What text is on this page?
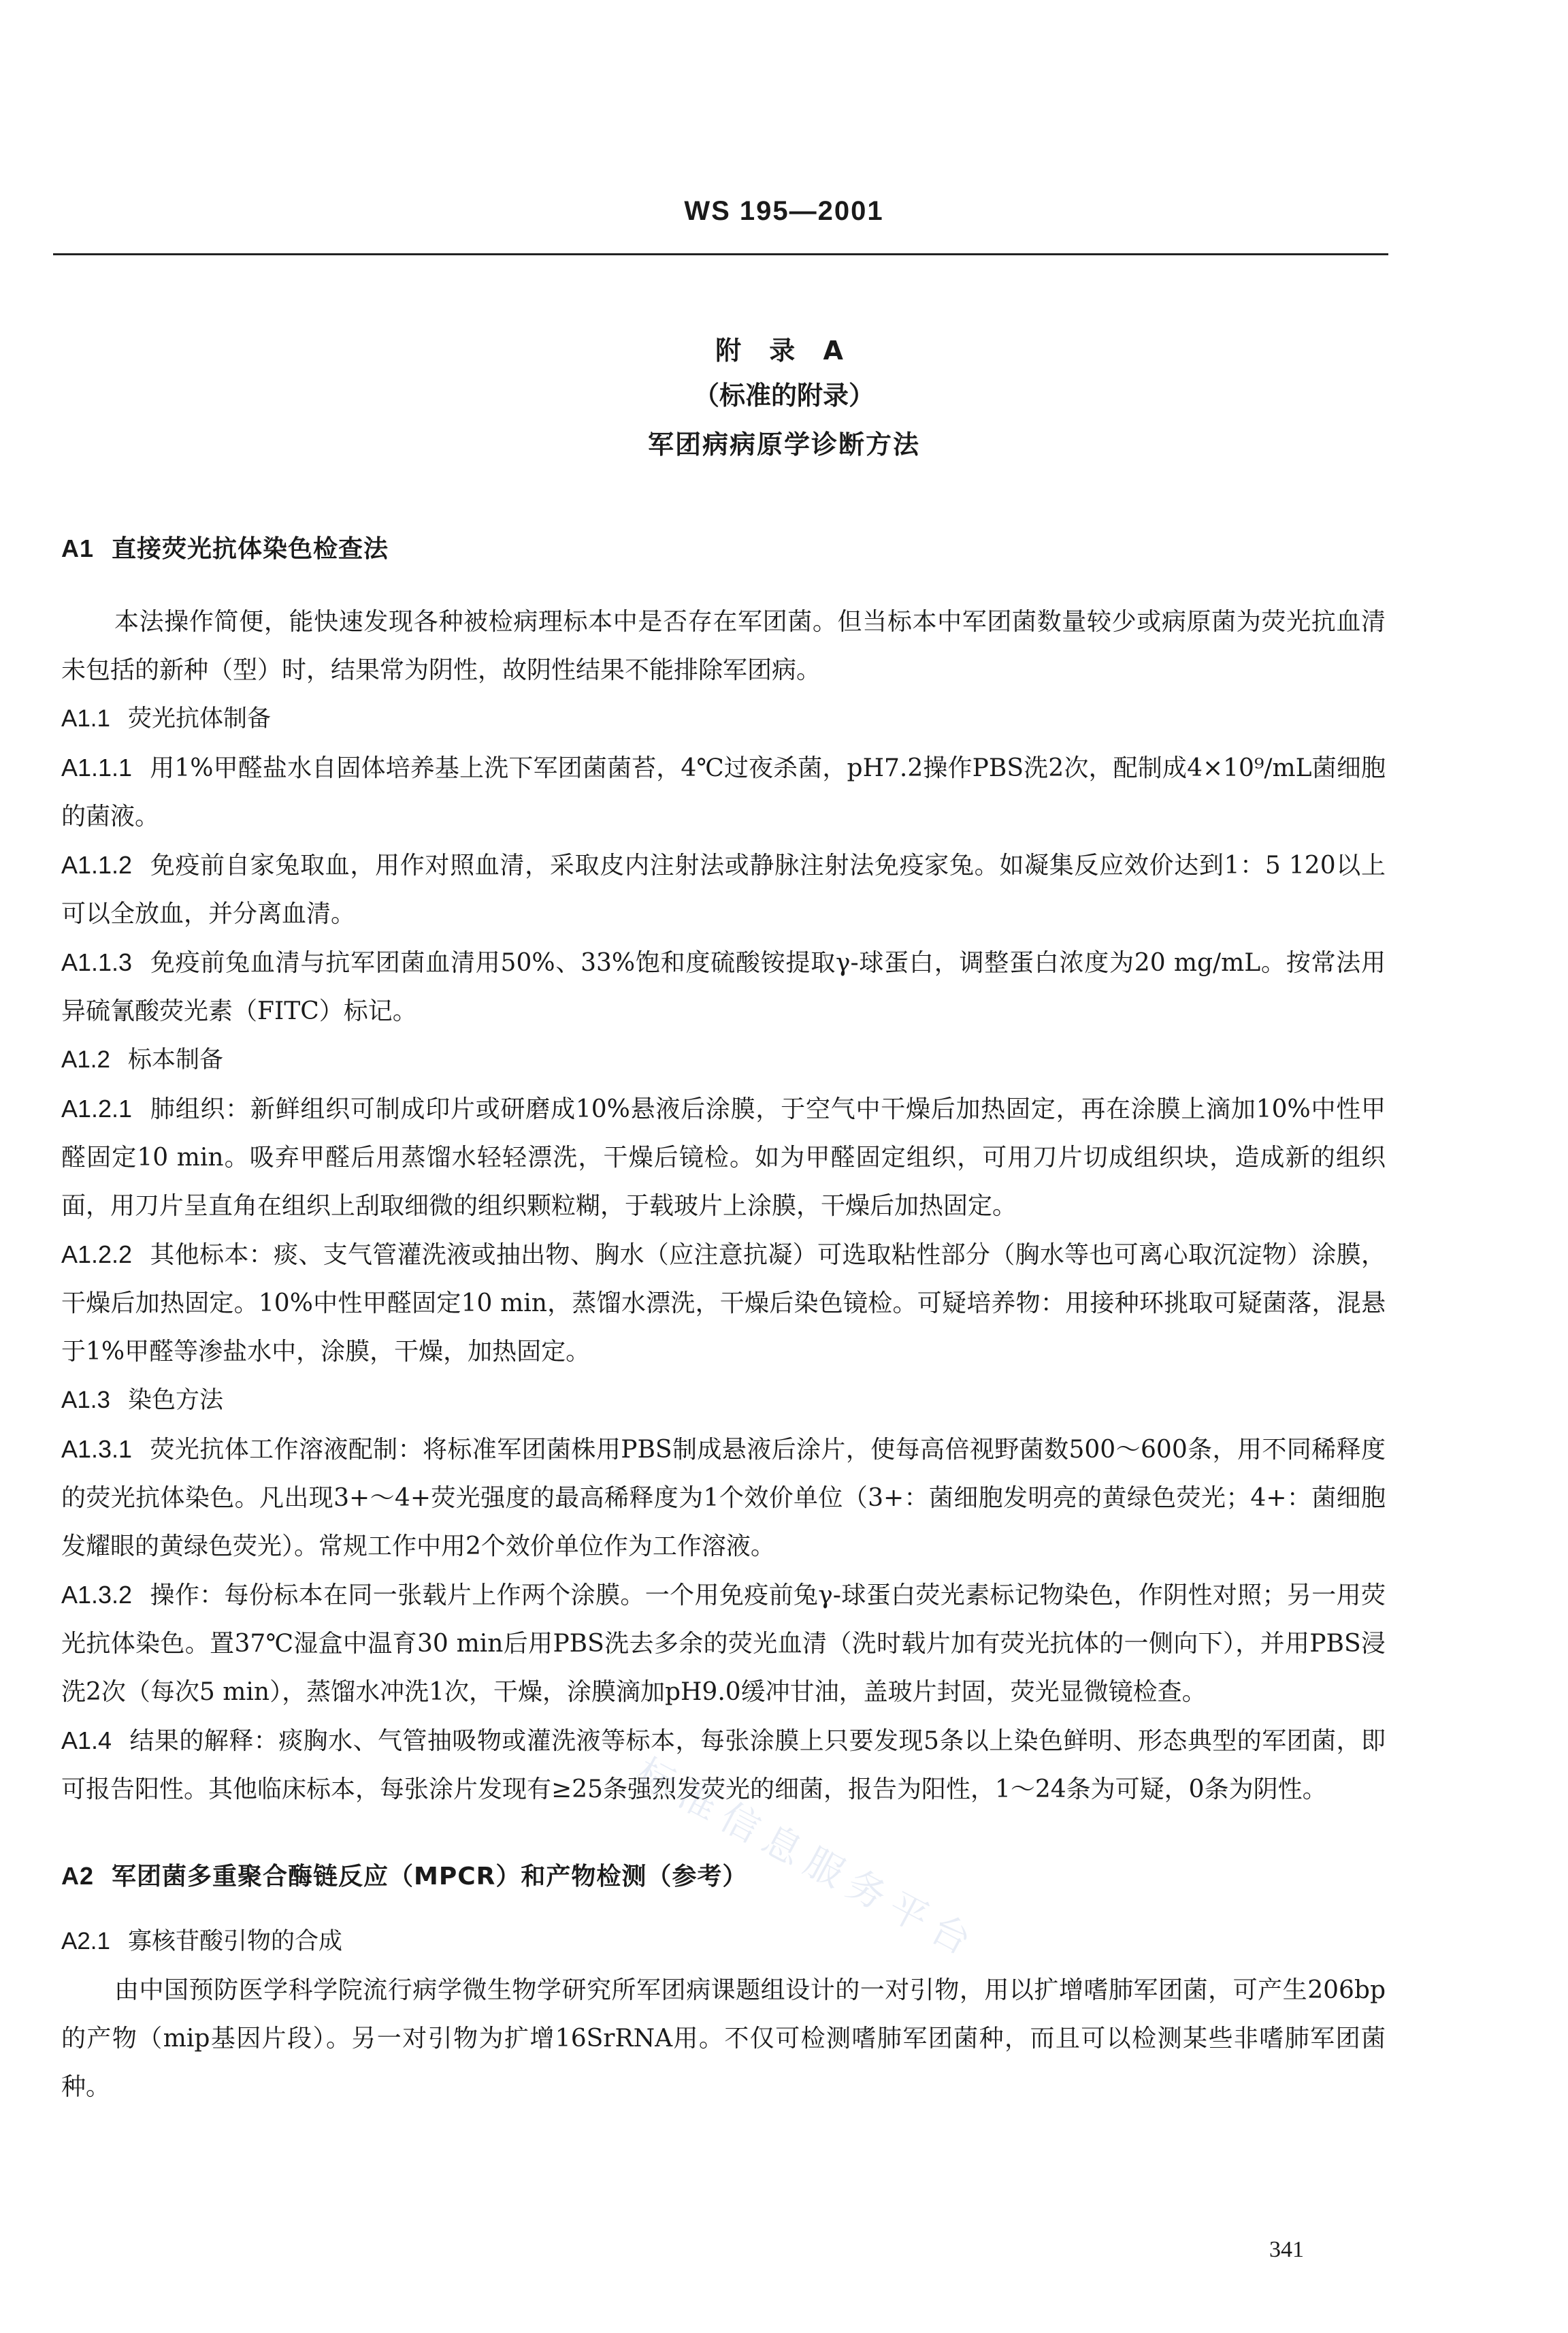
WS 195—2001
附 录 A
（标准的附录）
军团病病原学诊断方法

A1 直接荧光抗体染色检查法

本法操作简便，能快速发现各种被检病理标本中是否存在军团菌。但当标本中军团菌数量较少或病原菌为荧光抗血清未包括的新种（型）时，结果常为阴性，故阴性结果不能排除军团病。

A1.1 荧光抗体制备

A1.1.1 用1%甲醛盐水自固体培养基上洗下军团菌菌苔，4℃过夜杀菌，pH7.2操作PBS洗2次，配制成4×10⁹/mL菌细胞的菌液。

A1.1.2 免疫前自家兔取血，用作对照血清，采取皮内注射法或静脉注射法免疫家兔。如凝集反应效价达到1：5 120以上可以全放血，并分离血清。

A1.1.3 免疫前兔血清与抗军团菌血清用50%、33%饱和度硫酸铵提取γ-球蛋白，调整蛋白浓度为20 mg/mL。按常法用异硫氰酸荧光素（FITC）标记。

A1.2 标本制备

A1.2.1 肺组织：新鲜组织可制成印片或研磨成10%悬液后涂膜，于空气中干燥后加热固定，再在涂膜上滴加10%中性甲醛固定10 min。吸弃甲醛后用蒸馏水轻轻漂洗，干燥后镜检。如为甲醛固定组织，可用刀片切成组织块，造成新的组织面，用刀片呈直角在组织上刮取细微的组织颗粒糊，于载玻片上涂膜，干燥后加热固定。

A1.2.2 其他标本：痰、支气管灌洗液或抽出物、胸水（应注意抗凝）可选取粘性部分（胸水等也可离心取沉淀物）涂膜，干燥后加热固定。10%中性甲醛固定10 min，蒸馏水漂洗，干燥后染色镜检。可疑培养物：用接种环挑取可疑菌落，混悬于1%甲醛等渗盐水中，涂膜，干燥，加热固定。

A1.3 染色方法

A1.3.1 荧光抗体工作溶液配制：将标准军团菌株用PBS制成悬液后涂片，使每高倍视野菌数500～600条，用不同稀释度的荧光抗体染色。凡出现3+～4+荧光强度的最高稀释度为1个效价单位（3+：菌细胞发明亮的黄绿色荧光；4+：菌细胞发耀眼的黄绿色荧光）。常规工作中用2个效价单位作为工作溶液。

A1.3.2 操作：每份标本在同一张载片上作两个涂膜。一个用免疫前兔γ-球蛋白荧光素标记物染色，作阴性对照；另一用荧光抗体染色。置37℃湿盒中温育30 min后用PBS洗去多余的荧光血清（洗时载片加有荧光抗体的一侧向下），并用PBS浸洗2次（每次5 min），蒸馏水冲洗1次，干燥，涂膜滴加pH9.0缓冲甘油，盖玻片封固，荧光显微镜检查。

A1.4 结果的解释：痰胸水、气管抽吸物或灌洗液等标本，每张涂膜上只要发现5条以上染色鲜明、形态典型的军团菌，即可报告阳性。其他临床标本，每张涂片发现有≥25条强烈发荧光的细菌，报告为阳性，1～24条为可疑，0条为阴性。

A2 军团菌多重聚合酶链反应（MPCR）和产物检测（参考）

A2.1 寡核苷酸引物的合成

由中国预防医学科学院流行病学微生物学研究所军团病课题组设计的一对引物，用以扩增嗜肺军团菌，可产生206bp的产物（mip基因片段）。另一对引物为扩增16SrRNA用。不仅可检测嗜肺军团菌种，而且可以检测某些非嗜肺军团菌种。

标准信息服务平台
341
